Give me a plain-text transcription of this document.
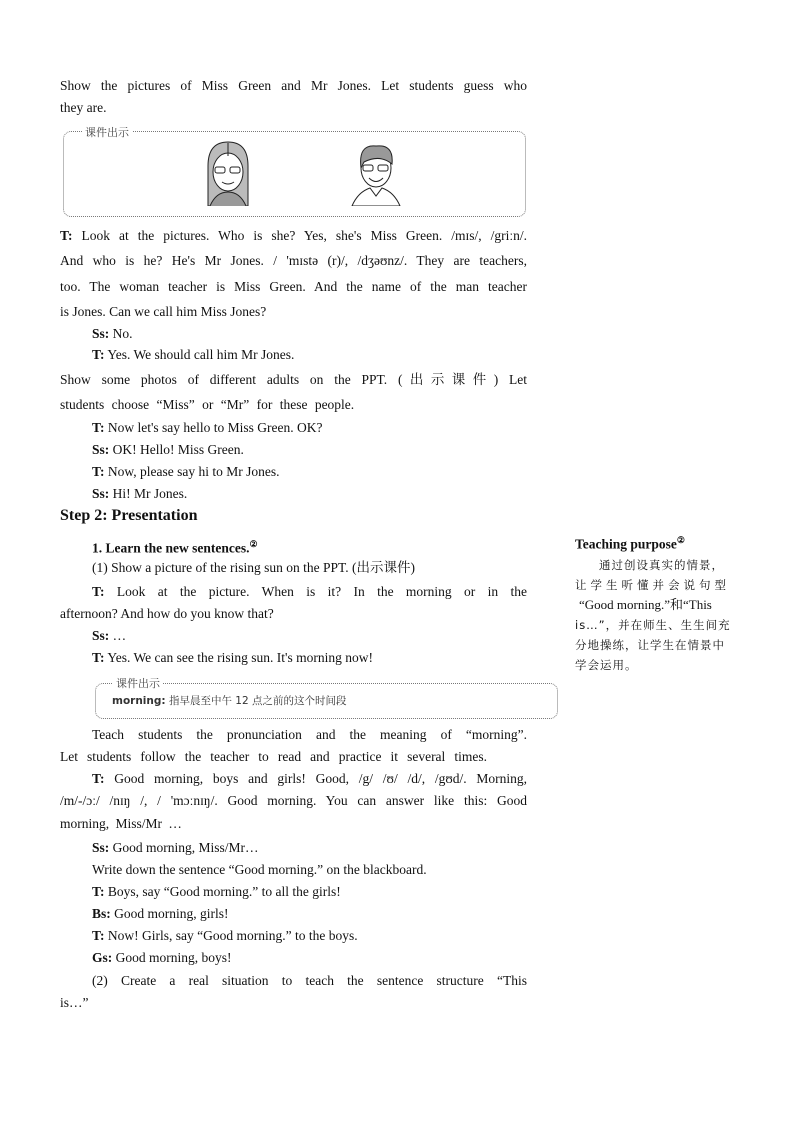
Show the pictures of Miss Green and Mr Jones. Let students guess who
they are.
课件出示
T: Look at the pictures. Who is she? Yes, she's Miss Green. /mɪs/, /griːn/.
And who is he? He's Mr Jones. / 'mɪstə (r)/, /dʒəʊnz/. They are teachers,
too. The woman teacher is Miss Green. And the name of the man teacher
is Jones. Can we call him Miss Jones?
Ss: No.
T: Yes. We should call him Mr Jones.
Show some photos of different adults on the PPT. (出示课件) Let
students choose “Miss” or “Mr” for these people.
T: Now let's say hello to Miss Green. OK?
Ss: OK! Hello! Miss Green.
T: Now, please say hi to Mr Jones.
Ss: Hi! Mr Jones.
Step 2: Presentation
1. Learn the new sentences.②
(1) Show a picture of the rising sun on the PPT. (出示课件)
T: Look at the picture. When is it? In the morning or in the
afternoon? And how do you know that?
Ss: …
T: Yes. We can see the rising sun. It's morning now!
morning: 指早晨至中午 12 点之前的这个时间段
课件出示
Teach students the pronunciation and the meaning of “morning”.
Let students follow the teacher to read and practice it several times.
T: Good morning, boys and girls! Good, /g/ /ʊ/ /d/, /gʊd/. Morning,
/m/-/ɔː/ /nɪŋ /, / 'mɔːnɪŋ/. Good morning. You can answer like this: Good
morning, Miss/Mr …
Ss: Good morning, Miss/Mr…
Write down the sentence “Good morning.” on the blackboard.
T: Boys, say “Good morning.” to all the girls!
Bs: Good morning, girls!
T: Now! Girls, say “Good morning.” to the boys.
Gs: Good morning, boys!
(2) Create a real situation to teach the sentence structure “This
is…”
Teaching purpose②
通过创设真实的情景，
让学生听懂并会说句型
“Good morning.”和“This
is…”，并在师生、生生间充
分地操练，让学生在情景中
学会运用。
